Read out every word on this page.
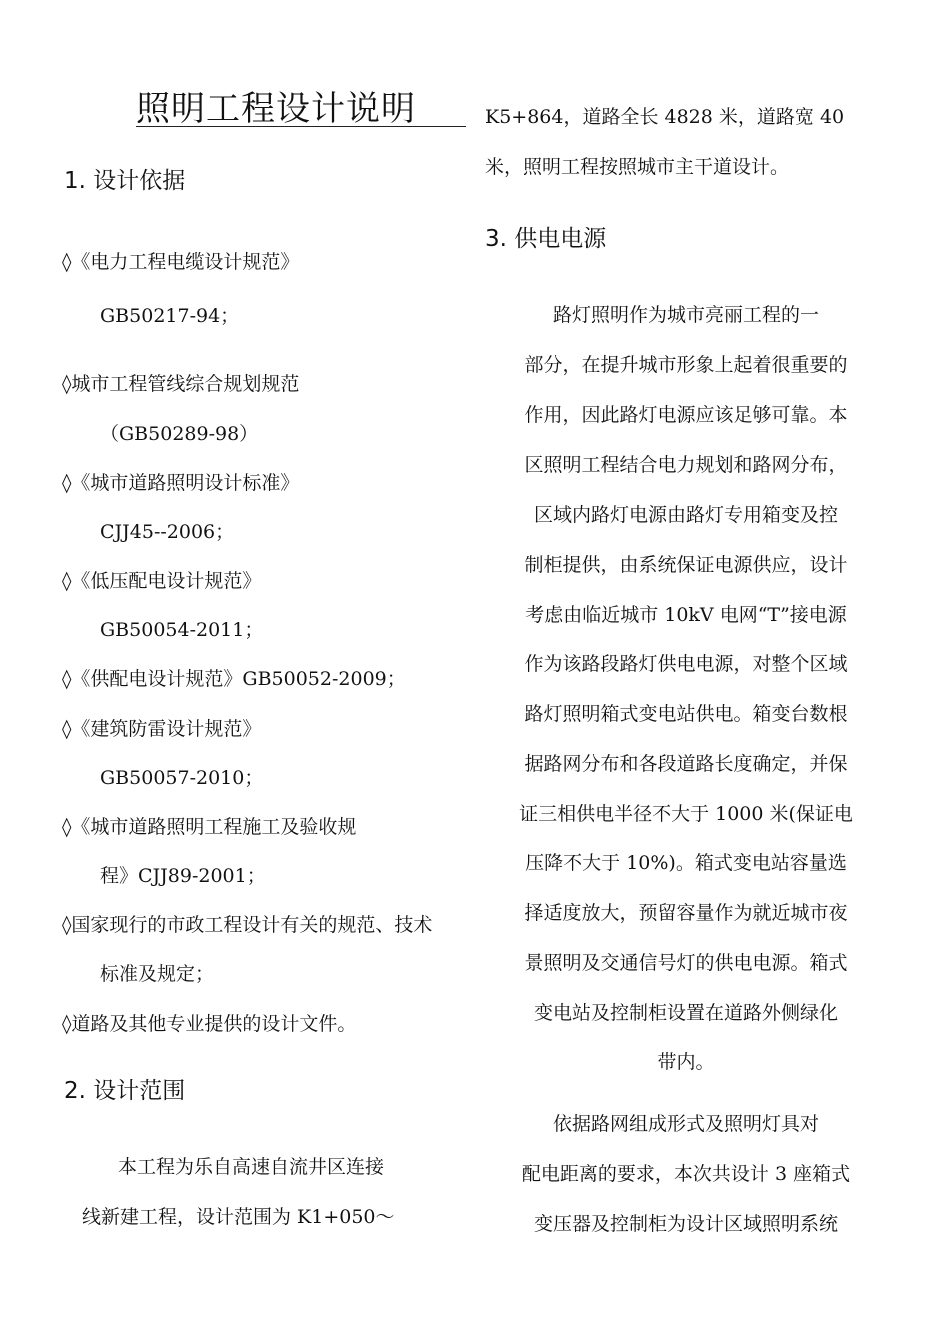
照明工程设计说明
1. 设计依据
◊《电力工程电缆设计规范》
GB50217-94；
◊城市工程管线综合规划规范
（GB50289-98）
◊《城市道路照明设计标准》
CJJ45--2006；
◊《低压配电设计规范》
GB50054-2011；
◊《供配电设计规范》GB50052-2009；
◊《建筑防雷设计规范》
GB50057-2010；
◊《城市道路照明工程施工及验收规
程》CJJ89-2001；
◊国家现行的市政工程设计有关的规范、技术
标准及规定；
◊道路及其他专业提供的设计文件。
2. 设计范围
本工程为乐自高速自流井区连接
线新建工程，设计范围为 K1+050～
K5+864，道路全长 4828 米，道路宽 40
米，照明工程按照城市主干道设计。
3. 供电电源
路灯照明作为城市亮丽工程的一
部分，在提升城市形象上起着很重要的
作用，因此路灯电源应该足够可靠。本
区照明工程结合电力规划和路网分布，
区域内路灯电源由路灯专用箱变及控
制柜提供，由系统保证电源供应，设计
考虑由临近城市 10kV 电网“T”接电源
作为该路段路灯供电电源，对整个区域
路灯照明箱式变电站供电。箱变台数根
据路网分布和各段道路长度确定，并保
证三相供电半径不大于 1000 米(保证电
压降不大于 10%)。箱式变电站容量选
择适度放大，预留容量作为就近城市夜
景照明及交通信号灯的供电电源。箱式
变电站及控制柜设置在道路外侧绿化
带内。
依据路网组成形式及照明灯具对
配电距离的要求，本次共设计 3 座箱式
变压器及控制柜为设计区域照明系统
